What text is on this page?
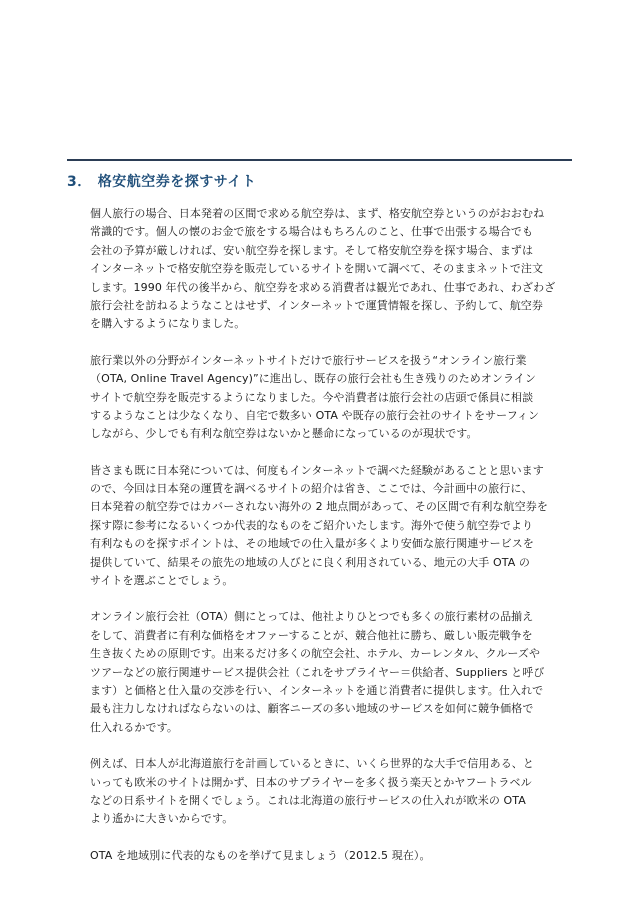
3． 格安航空券を探すサイト

個人旅行の場合、日本発着の区間で求める航空券は、まず、格安航空券というのがおおむね
常識的です。個人の懐のお金で旅をする場合はもちろんのこと、仕事で出張する場合でも
会社の予算が厳しければ、安い航空券を探します。そして格安航空券を探す場合、まずは
インターネットで格安航空券を販売しているサイトを開いて調べて、そのままネットで注文
します。1990 年代の後半から、航空券を求める消費者は観光であれ、仕事であれ、わざわざ
旅行会社を訪ねるようなことはせず、インターネットで運賃情報を探し、予約して、航空券
を購入するようになりました。

旅行業以外の分野がインターネットサイトだけで旅行サービスを扱う“オンライン旅行業
（OTA, Online Travel Agency)”に進出し、既存の旅行会社も生き残りのためオンライン
サイトで航空券を販売するようになりました。今や消費者は旅行会社の店頭で係員に相談
するようなことは少なくなり、自宅で数多い OTA や既存の旅行会社のサイトをサーフィン
しながら、少しでも有利な航空券はないかと懸命になっているのが現状です。

皆さまも既に日本発については、何度もインターネットで調べた経験があることと思います
ので、今回は日本発の運賃を調べるサイトの紹介は省き、ここでは、今計画中の旅行に、
日本発着の航空券ではカバーされない海外の 2 地点間があって、その区間で有利な航空券を
探す際に参考になるいくつか代表的なものをご紹介いたします。海外で使う航空券でより
有利なものを探すポイントは、その地域での仕入量が多くより安価な旅行関連サービスを
提供していて、結果その旅先の地域の人びとに良く利用されている、地元の大手 OTA の
サイトを選ぶことでしょう。

オンライン旅行会社（OTA）側にとっては、他社よりひとつでも多くの旅行素材の品揃え
をして、消費者に有利な価格をオファーすることが、競合他社に勝ち、厳しい販売戦争を
生き抜くための原則です。出来るだけ多くの航空会社、ホテル、カーレンタル、クルーズや
ツアーなどの旅行関連サービス提供会社（これをサプライヤー＝供給者、Suppliers と呼び
ます）と価格と仕入量の交渉を行い、インターネットを通じ消費者に提供します。仕入れで
最も注力しなければならないのは、顧客ニーズの多い地域のサービスを如何に競争価格で
仕入れるかです。

例えば、日本人が北海道旅行を計画しているときに、いくら世界的な大手で信用ある、と
いっても欧米のサイトは開かず、日本のサプライヤーを多く扱う楽天とかヤフートラベル
などの日系サイトを開くでしょう。これは北海道の旅行サービスの仕入れが欧米の OTA
より遙かに大きいからです。

OTA を地域別に代表的なものを挙げて見ましょう（2012.5 現在）。
